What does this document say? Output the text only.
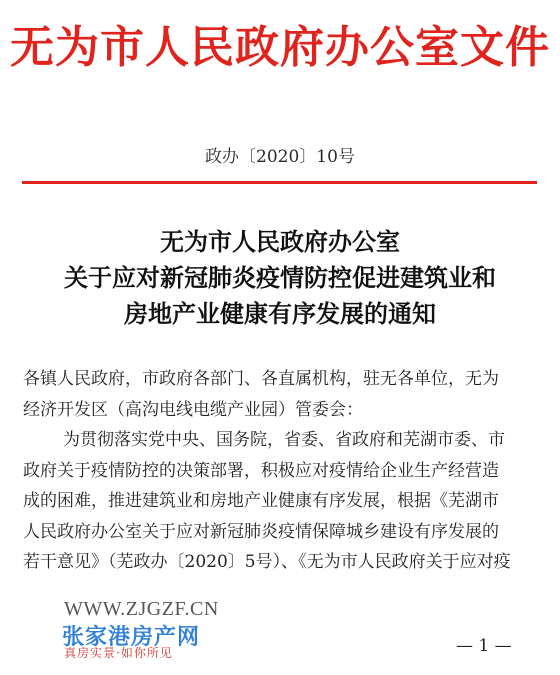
无为市人民政府办公室文件
政办〔2020〕10号
无为市人民政府办公室
关于应对新冠肺炎疫情防控促进建筑业和
房地产业健康有序发展的通知

各镇人民政府，市政府各部门、各直属机构，驻无各单位，无为

经济开发区（高沟电线电缆产业园）管委会：

为贯彻落实党中央、国务院，省委、省政府和芜湖市委、市

政府关于疫情防控的决策部署，积极应对疫情给企业生产经营造

成的困难，推进建筑业和房地产业健康有序发展，根据《芜湖市

人民政府办公室关于应对新冠肺炎疫情保障城乡建设有序发展的

若干意见》（芜政办〔2020〕5号）、《无为市人民政府关于应对疫

WWW.ZJGZF.CN
张家港房产网
真房实景·如你所见	— 1 —
